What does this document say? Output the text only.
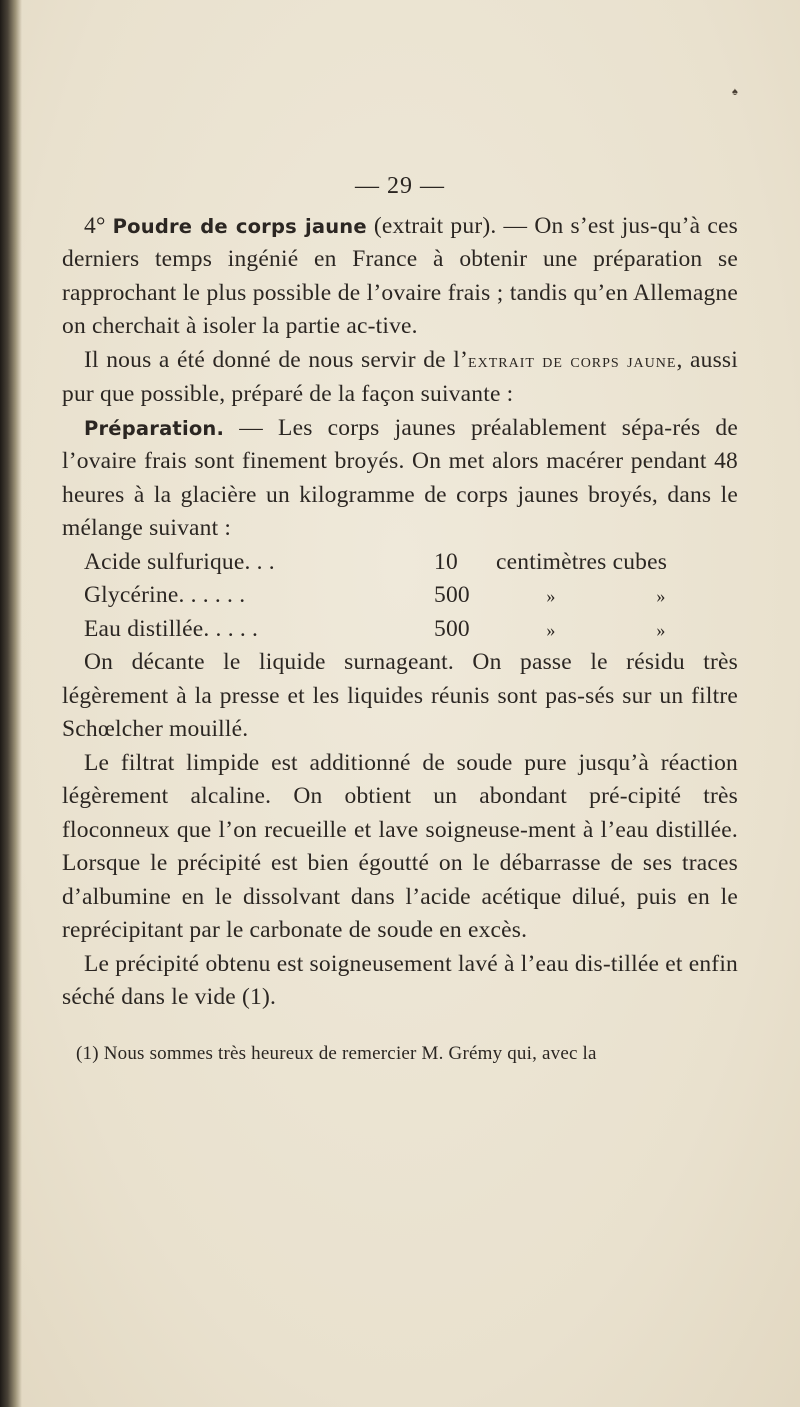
♠
— 29 —

4° Poudre de corps jaune (extrait pur). — On s’est jus-qu’à ces derniers temps ingénié en France à obtenir une préparation se rapprochant le plus possible de l’ovaire frais ; tandis qu’en Allemagne on cherchait à isoler la partie ac-tive.

Il nous a été donné de nous servir de l’extrait de corps jaune, aussi pur que possible, préparé de la façon suivante :

Préparation. — Les corps jaunes préalablement sépa-rés de l’ovaire frais sont finement broyés. On met alors macérer pendant 48 heures à la glacière un kilogramme de corps jaunes broyés, dans le mélange suivant :

Acide sulfurique. . .	10	centimètres cubes
Glycérine. . . . . .	500	»	»
Eau distillée. . . . .	500	»	»

On décante le liquide surnageant. On passe le résidu très légèrement à la presse et les liquides réunis sont pas-sés sur un filtre Schœlcher mouillé.

Le filtrat limpide est additionné de soude pure jusqu’à réaction légèrement alcaline. On obtient un abondant pré-cipité très floconneux que l’on recueille et lave soigneuse-ment à l’eau distillée. Lorsque le précipité est bien égoutté on le débarrasse de ses traces d’albumine en le dissolvant dans l’acide acétique dilué, puis en le reprécipitant par le carbonate de soude en excès.

Le précipité obtenu est soigneusement lavé à l’eau dis-tillée et enfin séché dans le vide (1).

(1) Nous sommes très heureux de remercier M. Grémy qui, avec la
